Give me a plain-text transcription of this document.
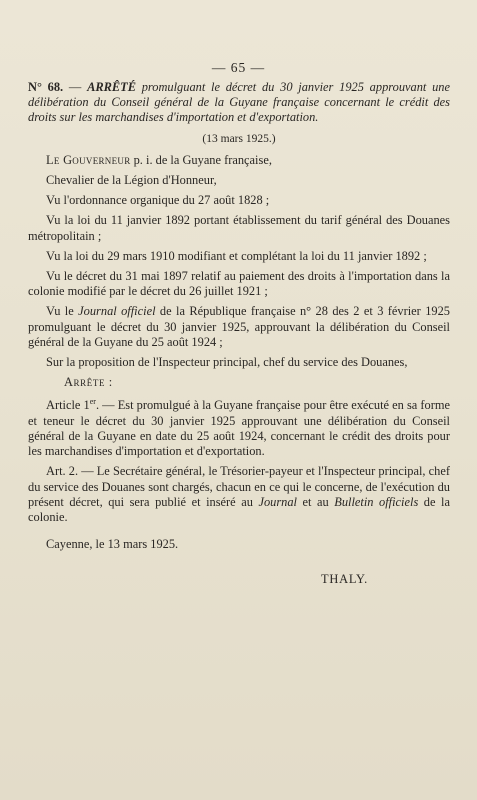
— 65 —

N° 68. — ARRÊTÉ promulguant le décret du 30 janvier 1925 approuvant une délibération du Conseil général de la Guyane française concernant le crédit des droits sur les marchandises d'importation et d'exportation.

(13 mars 1925.)

Le Gouverneur p. i. de la Guyane française,

Chevalier de la Légion d'Honneur,

Vu l'ordonnance organique du 27 août 1828 ;

Vu la loi du 11 janvier 1892 portant établissement du tarif général des Douanes métropolitain ;

Vu la loi du 29 mars 1910 modifiant et complétant la loi du 11 janvier 1892 ;

Vu le décret du 31 mai 1897 relatif au paiement des droits à l'importation dans la colonie modifié par le décret du 26 juillet 1921 ;

Vu le Journal officiel de la République française n° 28 des 2 et 3 février 1925 promulguant le décret du 30 janvier 1925, approuvant la délibération du Conseil général de la Guyane du 25 août 1924 ;

Sur la proposition de l'Inspecteur principal, chef du service des Douanes,

Arrête :

Article 1er. — Est promulgué à la Guyane française pour être exécuté en sa forme et teneur le décret du 30 janvier 1925 approuvant une délibération du Conseil général de la Guyane en date du 25 août 1924, concernant le crédit des droits pour les marchandises d'importation et d'exportation.

Art. 2. — Le Secrétaire général, le Trésorier-payeur et l'Inspecteur principal, chef du service des Douanes sont chargés, chacun en ce qui le concerne, de l'exécution du présent décret, qui sera publié et inséré au Journal et au Bulletin officiels de la colonie.

Cayenne, le 13 mars 1925.

THALY.
